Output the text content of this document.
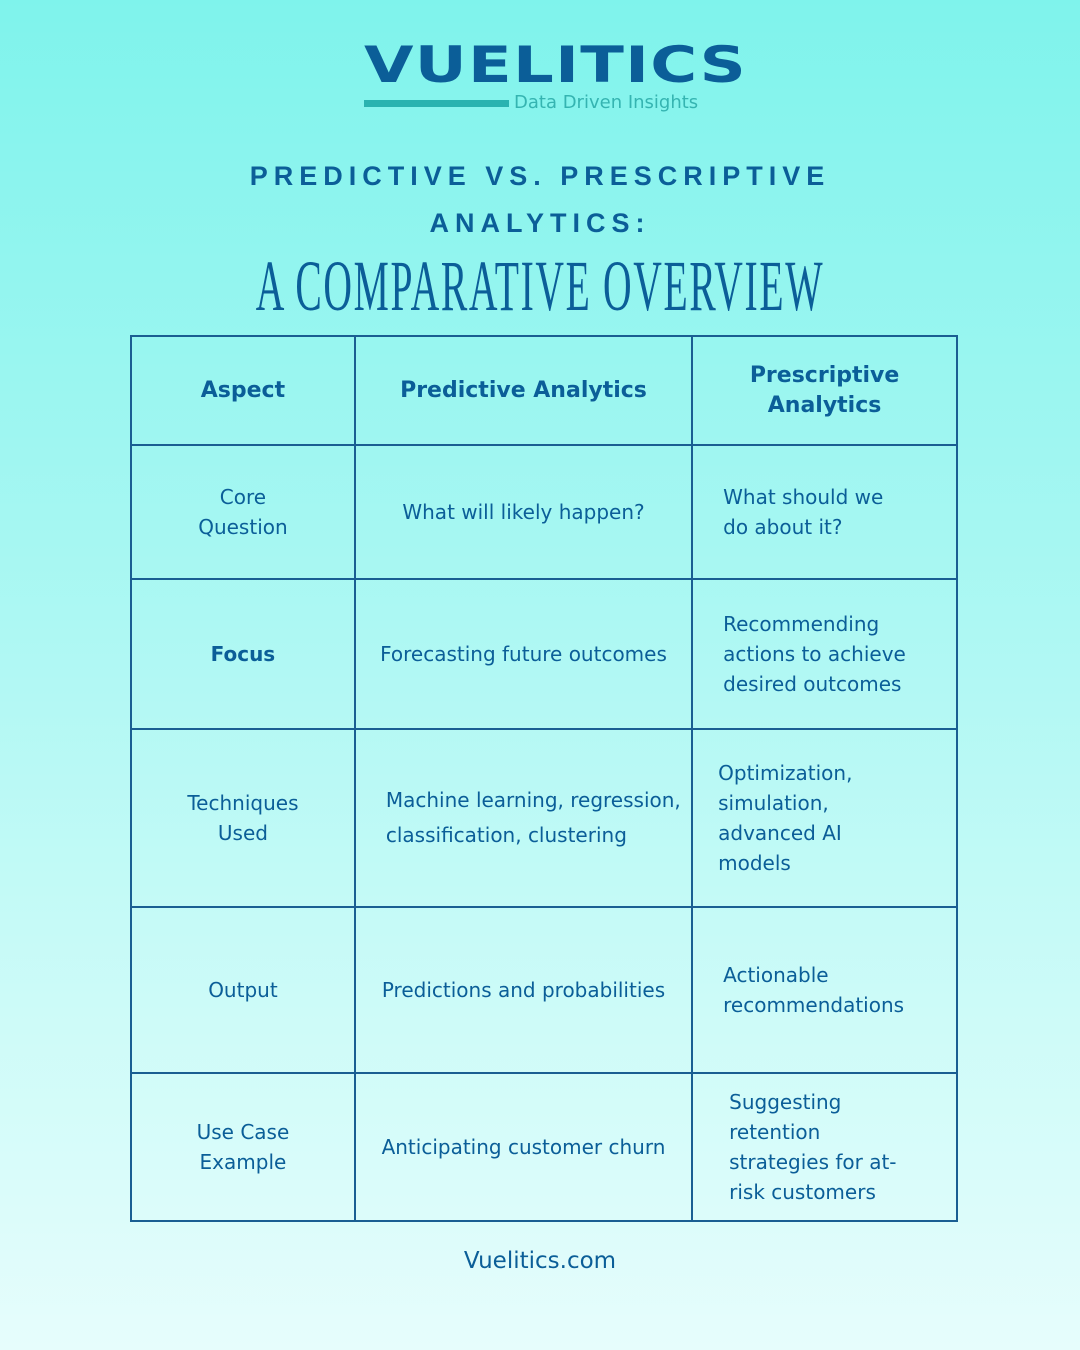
VUELITICS
Data Driven Insights
PREDICTIVE VS. PRESCRIPTIVE
ANALYTICS:
A COMPARATIVE OVERVIEW
Aspect	Predictive Analytics	Prescriptive Analytics
Core Question	What will likely happen?	What should we do about it?
Focus	Forecasting future outcomes	Recommending actions to achieve desired outcomes
Techniques Used	Machine learning, regression, classification, clustering	Optimization, simulation, advanced AI models
Output	Predictions and probabilities	Actionable recommendations
Use Case Example	Anticipating customer churn	Suggesting retention strategies for at-risk customers
Vuelitics.com
